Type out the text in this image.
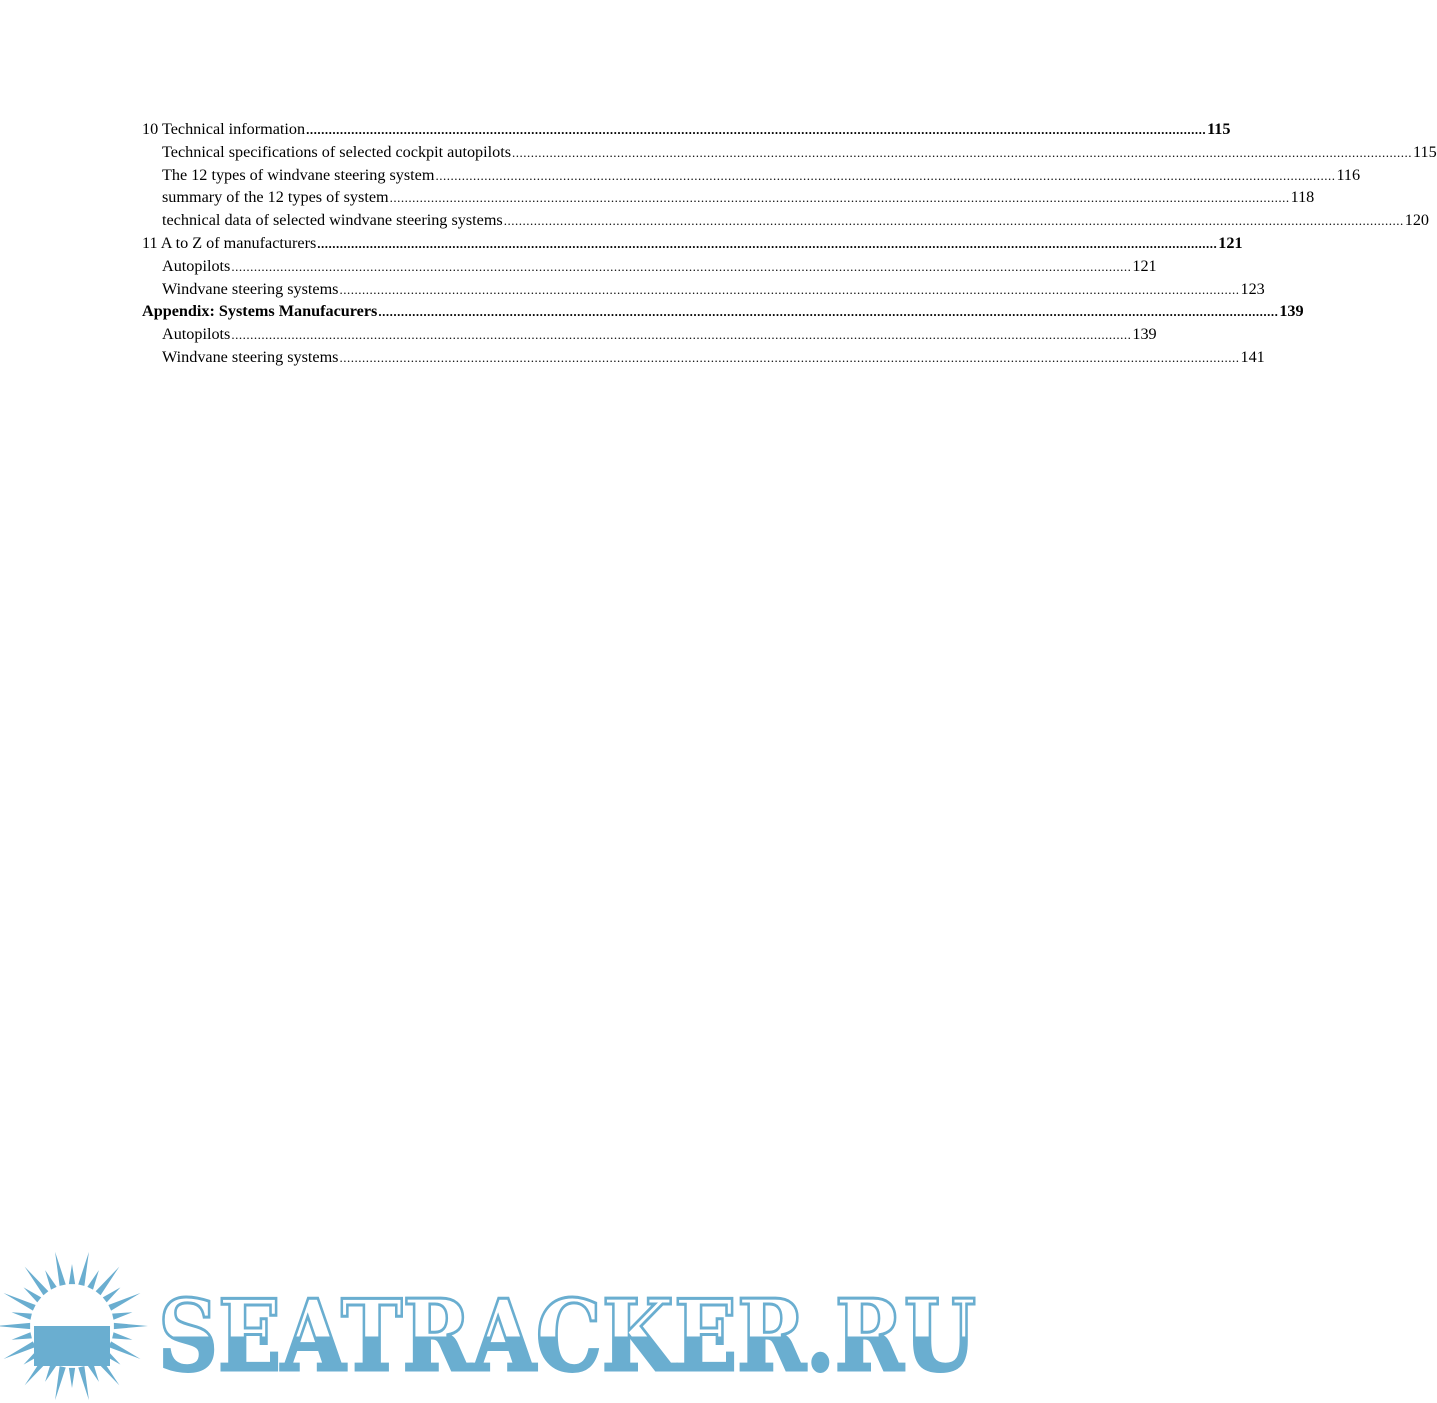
10 Technical information .....	115
Technical specifications of selected cockpit autopilots .....	115
The 12 types of windvane steering system .....	116
summary of the 12 types of system .....	118
technical data of selected windvane steering systems .....	120
11 A to Z of manufacturers .....	121
Autopilots .....	121
Windvane steering systems .....	123
Appendix: Systems Manufacurers .....	139
Autopilots .....	139
Windvane steering systems .....	141
SEATRACKER.RU
